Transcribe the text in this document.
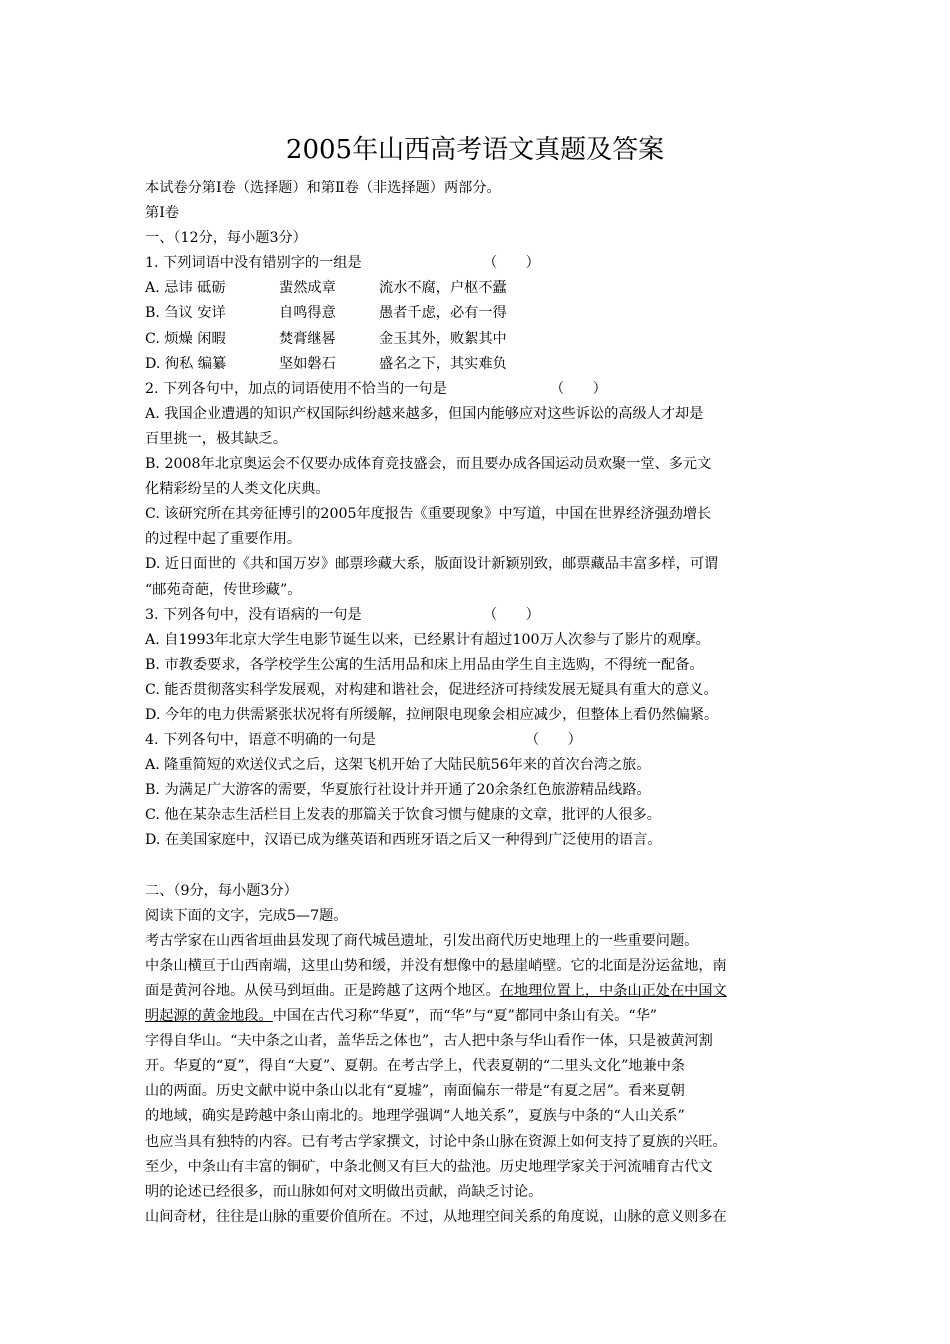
2005年山西高考语文真题及答案
本试卷分第Ⅰ卷（选择题）和第Ⅱ卷（非选择题）两部分。
第Ⅰ卷
一、（12分，每小题3分）
1. 下列词语中没有错别字的一组是	（　　）
A. 忌讳 砥砺	蜚然成章	流水不腐，户枢不蠹
B. 刍议 安详	自鸣得意	愚者千虑，必有一得
C. 烦燥 闲暇	焚膏继晷	金玉其外，败絮其中
D. 徇私 编纂	坚如磐石	盛名之下，其实难负
2. 下列各句中，加点的词语使用不恰当的一句是	（　　）
A. 我国企业遭遇的知识产权国际纠纷越来越多，但国内能够应对这些诉讼的高级人才却是
百里挑一，极其缺乏。
B. 2008年北京奥运会不仅要办成体育竞技盛会，而且要办成各国运动员欢聚一堂、多元文
化精彩纷呈的人类文化庆典。
C. 该研究所在其旁征博引的2005年度报告《重要现象》中写道，中国在世界经济强劲增长
的过程中起了重要作用。
D. 近日面世的《共和国万岁》邮票珍藏大系，版面设计新颖别致，邮票藏品丰富多样，可谓
“邮苑奇葩，传世珍藏”。
3. 下列各句中，没有语病的一句是	（　　）
A. 自1993年北京大学生电影节诞生以来，已经累计有超过100万人次参与了影片的观摩。
B. 市教委要求，各学校学生公寓的生活用品和床上用品由学生自主选购，不得统一配备。
C. 能否贯彻落实科学发展观，对构建和谐社会，促进经济可持续发展无疑具有重大的意义。
D. 今年的电力供需紧张状况将有所缓解，拉闸限电现象会相应减少，但整体上看仍然偏紧。
4. 下列各句中，语意不明确的一句是	（　　）
A. 隆重简短的欢送仪式之后，这架飞机开始了大陆民航56年来的首次台湾之旅。
B. 为满足广大游客的需要，华夏旅行社设计并开通了20余条红色旅游精品线路。
C. 他在某杂志生活栏目上发表的那篇关于饮食习惯与健康的文章，批评的人很多。
D. 在美国家庭中，汉语已成为继英语和西班牙语之后又一种得到广泛使用的语言。
二、（9分，每小题3分）
阅读下面的文字，完成5—7题。
考古学家在山西省垣曲县发现了商代城邑遗址，引发出商代历史地理上的一些重要问题。
中条山横亘于山西南端，这里山势和缓，并没有想像中的悬崖峭壁。它的北面是汾运盆地，南
面是黄河谷地。从侯马到垣曲。正是跨越了这两个地区。在地理位置上，中条山正处在中国文
明起源的黄金地段。中国在古代习称“华夏”，而“华”与“夏”都同中条山有关。“华”
字得自华山。“夫中条之山者，盖华岳之体也”，古人把中条与华山看作一体，只是被黄河割
开。华夏的“夏”，得自“大夏”、夏朝。在考古学上，代表夏朝的“二里头文化”地兼中条
山的两面。历史文献中说中条山以北有“夏墟”，南面偏东一带是“有夏之居”。看来夏朝
的地域，确实是跨越中条山南北的。地理学强调“人地关系”，夏族与中条的“人山关系”
也应当具有独特的内容。已有考古学家撰文，讨论中条山脉在资源上如何支持了夏族的兴旺。
至少，中条山有丰富的铜矿，中条北侧又有巨大的盐池。历史地理学家关于河流哺育古代文
明的论述已经很多，而山脉如何对文明做出贡献，尚缺乏讨论。
山间奇材，往往是山脉的重要价值所在。不过，从地理空间关系的角度说，山脉的意义则多在
